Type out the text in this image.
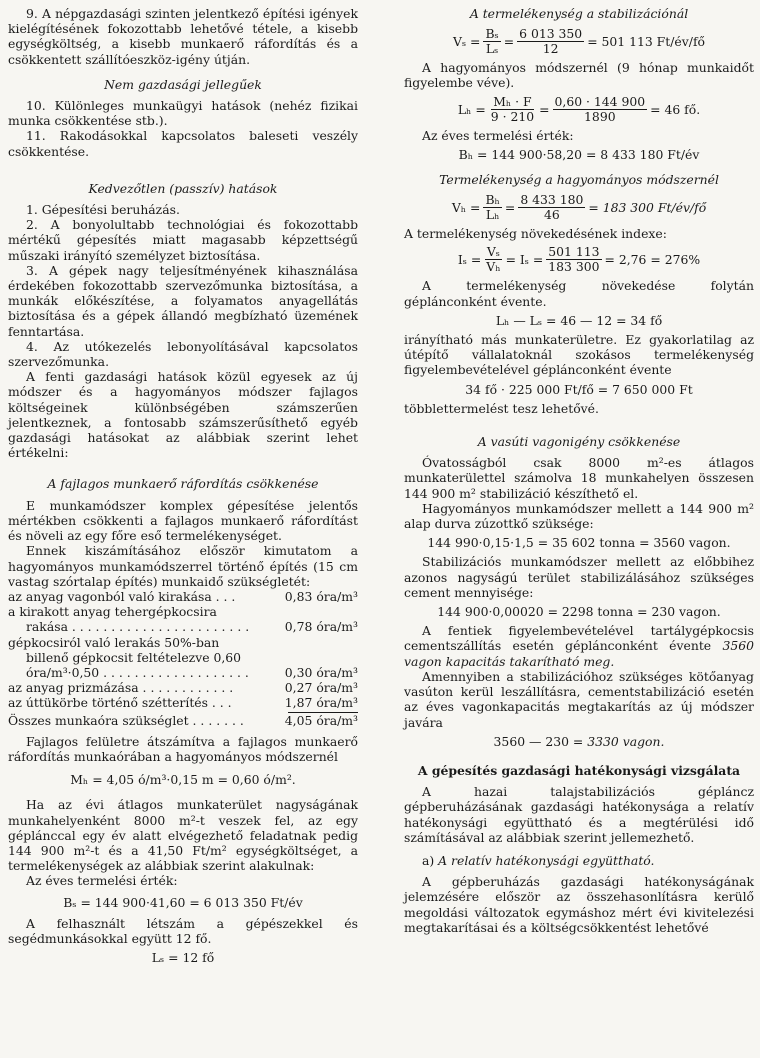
9. A népgazdasági szinten jelentkező építési igények kielégítésének fokozottabb lehetővé tétele, a kisebb egységköltség, a kisebb munkaerő ráfordítás és a csökkentett szállítóeszköz-igény útján.

Nem gazdasági jellegűek

10. Különleges munkaügyi hatások (nehéz fizikai munka csökkentése stb.).

11. Rakodásokkal kapcsolatos baleseti veszély csökkentése.

Kedvezőtlen (passzív) hatások

1. Gépesítési beruházás.

2. A bonyolultabb technológiai és fokozottabb mértékű gépesítés miatt magasabb képzettségű műszaki irányító személyzet biztosítása.

3. A gépek nagy teljesítményének kihasználása érdekében fokozottabb szervezőmunka biztosítása, a munkák előkészítése, a folyamatos anyagellátás biztosítása és a gépek állandó megbízható üzemének fenntartása.

4. Az utókezelés lebonyolításával kapcsolatos szervezőmunka.

A fenti gazdasági hatások közül egyesek az új módszer és a hagyományos módszer fajlagos költségeinek különbségében számszerűen jelentkeznek, a fontosabb számszerűsíthető egyéb gazdasági hatásokat az alábbiak szerint lehet értékelni:

A fajlagos munkaerő ráfordítás csökkenése

E munkamódszer komplex gépesítése jelentős mértékben csökkenti a fajlagos munkaerő ráfordítást és növeli az egy főre eső termelékenységet.

Ennek kiszámításához először kimutatom a hagyományos munkamódszerrel történő építés (15 cm vastag szórtalap építés) munkaidő szükségletét:

az anyag vagonból való kirakása . . .	0,83 óra/m³
a kirakott anyag tehergépkocsira
rakása . . . . . . . . . . . . . . . . . . . . . . .	0,78 óra/m³
gépkocsiról való lerakás 50%-ban
billenő gépkocsit feltételezve 0,60
óra/m³·0,50 . . . . . . . . . . . . . . . . . . .	0,30 óra/m³
az anyag prizmázása . . . . . . . . . . . .	0,27 óra/m³
az úttükörbe történő szétterítés . . .	1,87 óra/m³
Összes munkaóra szükséglet . . . . . . .	4,05 óra/m³

Fajlagos felületre átszámítva a fajlagos munkaerő ráfordítás munkaórában a hagyományos módszernél

Mₕ = 4,05 ó/m³·0,15 m = 0,60 ó/m².

Ha az évi átlagos munkaterület nagyságának munkahelyenként 8000 m²-t veszek fel, az egy géplánccal egy év alatt elvégezhető feladatnak pedig 144 900 m²-t és a 41,50 Ft/m² egységköltséget, a termelékenységek az alábbiak szerint alakulnak:

Az éves termelési érték:

Bₛ = 144 900·41,60 = 6 013 350 Ft/év

A felhasznált létszám a gépészekkel és segédmunkásokkal együtt 12 fő.

Lₛ = 12 fő

A termelékenység a stabilizációnál

$V_s = \frac{\text{Bₛ}}{\text{Lₛ}} = \frac{6 013 350}{12} = 501$ 113 Ft/év/fő

A hagyományos módszernél (9 hónap munkaidőt figyelembe véve).

$L_h = \frac{\text{Mₕ · F}}{9 \cdot 210} = \frac{0,60 \cdot 144 900}{1890} = 46$ fő.

Az éves termelési érték:

Bₕ = 144 900·58,20 = 8 433 180 Ft/év

Termelékenység a hagyományos módszernél

$V_h = \frac{\text{Bₕ}}{\text{Lₕ}} = \frac{8 433 180}{46} = 183$ 300 Ft/év/fő

A termelékenység növekedésének indexe:

$I_s = \frac{\text{Vₛ}}{\text{Vₕ}} = I_s = \frac{501 113}{183 300} = 2,76 = 276\%$

A termelékenység növekedése folytán géplánconként évente.

Lₕ — Lₛ = 46 — 12 = 34 fő

irányítható más munkaterületre. Ez gyakorlatilag az útépítő vállalatoknál szokásos termelékenység figyelembevételével géplánconként évente

34 fő · 225 000 Ft/fő = 7 650 000 Ft

többlettermelést tesz lehetővé.

A vasúti vagonigény csökkenése

Óvatosságból csak 8000 m²-es átlagos munkaterülettel számolva 18 munkahelyen összesen 144 900 m² stabilizáció készíthető el.

Hagyományos munkamódszer mellett a 144 900 m² alap durva zúzottkő szüksége:

144 990·0,15·1,5 = 35 602 tonna = 3560 vagon.

Stabilizációs munkamódszer mellett az előbbihez azonos nagyságú terület stabilizálásához szükséges cement mennyisége:

144 900·0,00020 = 2298 tonna = 230 vagon.

A fentiek figyelembevételével tartálygépkocsis cementszállítás esetén géplánconként évente 3560 vagon kapacitás takarítható meg.

Amennyiben a stabilizációhoz szükséges kötőanyag vasúton kerül leszállításra, cementstabilizáció esetén az éves vagonkapacitás megtakarítás az új módszer javára

3560 — 230 = 3330 vagon.

A gépesítés gazdasági hatékonysági vizsgálata

A hazai talajstabilizációs gépláncz gépberuházásának gazdasági hatékonysága a relatív hatékonysági együttható és a megtérülési idő számításával az alábbiak szerint jellemezhető.

a) A relatív hatékonysági együttható.

A gépberuházás gazdasági hatékonyságának jelemzésére először az összehasonlításra kerülő megoldási változatok egymáshoz mért évi kivitelezési megtakarításai és a költségcsökkentést lehetővé
